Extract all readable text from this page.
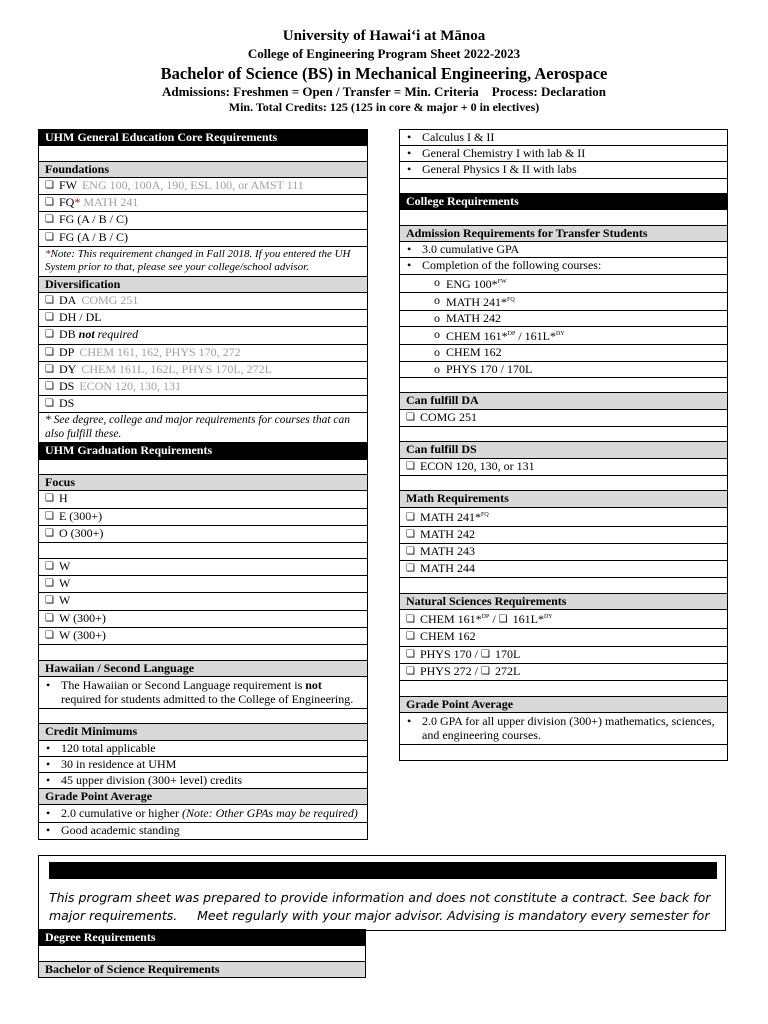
University of Hawaiʻi at Mānoa
College of Engineering Program Sheet 2022-2023
Bachelor of Science (BS) in Mechanical Engineering, Aerospace
Admissions: Freshmen = Open / Transfer = Min. Criteria    Process: Declaration
Min. Total Credits: 125 (125 in core & major + 0 in electives)
UHM General Education Core Requirements
Foundations
❏ FW ENG 100, 100A, 190, ESL 100, or AMST 111
❏ FQ* MATH 241
❏ FG (A / B / C)
❏ FG (A / B / C)
*Note: This requirement changed in Fall 2018. If you entered the UH System prior to that, please see your college/school advisor.
Diversification
❏ DA COMG 251
❏ DH / DL
❏ DB not required
❏ DP CHEM 161, 162, PHYS 170, 272
❏ DY CHEM 161L, 162L, PHYS 170L, 272L
❏ DS ECON 120, 130, 131
❏ DS
* See degree, college and major requirements for courses that can also fulfill these.
UHM Graduation Requirements
Focus
❏ H
❏ E (300+)
❏ O (300+)
❏ W
❏ W
❏ W
❏ W (300+)
❏ W (300+)
Hawaiian / Second Language
• The Hawaiian or Second Language requirement is not required for students admitted to the College of Engineering.
Credit Minimums
• 120 total applicable
• 30 in residence at UHM
• 45 upper division (300+ level) credits
Grade Point Average
• 2.0 cumulative or higher (Note: Other GPAs may be required)
• Good academic standing
• Calculus I & II
• General Chemistry I with lab & II
• General Physics I & II with labs
College Requirements
Admission Requirements for Transfer Students
• 3.0 cumulative GPA
• Completion of the following courses:
o ENG 100*$^{FW}$
o MATH 241*$^{FQ}$
o MATH 242
o CHEM 161*$^{DP}$ / 161L*$^{DY}$
o CHEM 162
o PHYS 170 / 170L
Can fulfill DA
❏ COMG 251
Can fulfill DS
❏ ECON 120, 130, or 131
Math Requirements
❏ MATH 241*$^{FQ}$
❏ MATH 242
❏ MATH 243
❏ MATH 244
Natural Sciences Requirements
❏ CHEM 161*$^{DP}$ / ❏ 161L*$^{DY}$
❏ CHEM 162
❏ PHYS 170 / ❏ 170L
❏ PHYS 272 / ❏ 272L
Grade Point Average
• 2.0 GPA for all upper division (300+) mathematics, sciences, and engineering courses.
This program sheet was prepared to provide information and does not constitute a contract. See back for major requirements.     Meet regularly with your major advisor. Advising is mandatory every semester for
Degree Requirements
Bachelor of Science Requirements
